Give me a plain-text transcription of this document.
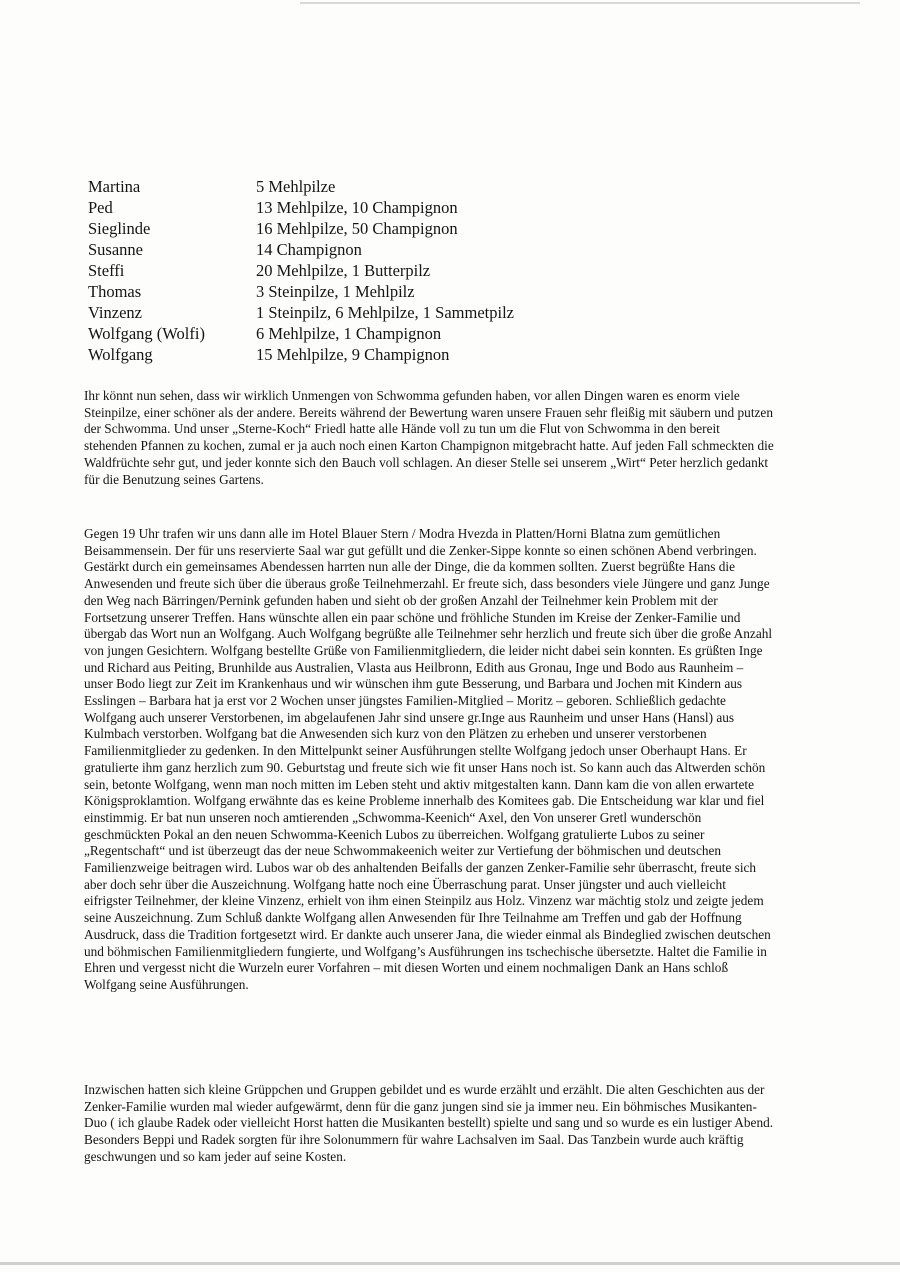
Martina	5 Mehlpilze
Ped	13 Mehlpilze, 10 Champignon
Sieglinde	16 Mehlpilze, 50 Champignon
Susanne	14 Champignon
Steffi	20 Mehlpilze, 1 Butterpilz
Thomas	3 Steinpilze, 1 Mehlpilz
Vinzenz	1 Steinpilz, 6 Mehlpilze, 1 Sammetpilz
Wolfgang (Wolfi)	6 Mehlpilze, 1 Champignon
Wolfgang	15 Mehlpilze, 9 Champignon

Ihr könnt nun sehen, dass wir wirklich Unmengen von Schwomma gefunden haben, vor allen Dingen waren es enorm viele Steinpilze, einer schöner als der andere. Bereits während der Bewertung waren unsere Frauen sehr fleißig mit säubern und putzen der Schwomma. Und unser „Sterne-Koch“ Friedl hatte alle Hände voll zu tun um die Flut von Schwomma in den bereit stehenden Pfannen zu kochen, zumal er ja auch noch einen Karton Champignon mitgebracht hatte. Auf jeden Fall schmeckten die Waldfrüchte sehr gut, und jeder konnte sich den Bauch voll schlagen. An dieser Stelle sei unserem „Wirt“ Peter herzlich gedankt für die Benutzung seines Gartens.

Gegen 19 Uhr trafen wir uns dann alle im Hotel Blauer Stern / Modra Hvezda in Platten/Horni Blatna zum gemütlichen Beisammensein. Der für uns reservierte Saal war gut gefüllt und die Zenker-Sippe konnte so einen schönen Abend verbringen. Gestärkt durch ein gemeinsames Abendessen harrten nun alle der Dinge, die da kommen sollten. Zuerst begrüßte Hans die Anwesenden und freute sich über die überaus große Teilnehmerzahl. Er freute sich, dass besonders viele Jüngere und ganz Junge den Weg nach Bärringen/Pernink gefunden haben und sieht ob der großen Anzahl der Teilnehmer kein Problem mit der Fortsetzung unserer Treffen. Hans wünschte allen ein paar schöne und fröhliche Stunden im Kreise der Zenker-Familie und übergab das Wort nun an Wolfgang. Auch Wolfgang begrüßte alle Teilnehmer sehr herzlich und freute sich über die große Anzahl von jungen Gesichtern. Wolfgang bestellte Grüße von Familienmitgliedern, die leider nicht dabei sein konnten. Es grüßten Inge und Richard aus Peiting, Brunhilde aus Australien, Vlasta aus Heilbronn, Edith aus Gronau, Inge und Bodo aus Raunheim – unser Bodo liegt zur Zeit im Krankenhaus und wir wünschen ihm gute Besserung, und Barbara und Jochen mit Kindern aus Esslingen – Barbara hat ja erst vor 2 Wochen unser jüngstes Familien-Mitglied – Moritz – geboren. Schließlich gedachte Wolfgang auch unserer Verstorbenen, im abgelaufenen Jahr sind unsere gr.Inge aus Raunheim und unser Hans (Hansl) aus Kulmbach verstorben. Wolfgang bat die Anwesenden sich kurz von den Plätzen zu erheben und unserer verstorbenen Familienmitglieder zu gedenken. In den Mittelpunkt seiner Ausführungen stellte Wolfgang jedoch unser Oberhaupt Hans. Er gratulierte ihm ganz herzlich zum 90. Geburtstag und freute sich wie fit unser Hans noch ist. So kann auch das Altwerden schön sein, betonte Wolfgang, wenn man noch mitten im Leben steht und aktiv mitgestalten kann. Dann kam die von allen erwartete Königsproklamtion. Wolfgang erwähnte das es keine Probleme innerhalb des Komitees gab. Die Entscheidung war klar und fiel einstimmig. Er bat nun unseren noch amtierenden „Schwomma-Keenich“ Axel, den Von unserer Gretl wunderschön geschmückten Pokal an den neuen Schwomma-Keenich Lubos zu überreichen. Wolfgang gratulierte Lubos zu seiner „Regentschaft“ und ist überzeugt das der neue Schwommakeenich weiter zur Vertiefung der böhmischen und deutschen Familienzweige beitragen wird. Lubos war ob des anhaltenden Beifalls der ganzen Zenker-Familie sehr überrascht, freute sich aber doch sehr über die Auszeichnung. Wolfgang hatte noch eine Überraschung parat. Unser jüngster und auch vielleicht eifrigster Teilnehmer, der kleine Vinzenz, erhielt von ihm einen Steinpilz aus Holz. Vinzenz war mächtig stolz und zeigte jedem seine Auszeichnung. Zum Schluß dankte Wolfgang allen Anwesenden für Ihre Teilnahme am Treffen und gab der Hoffnung Ausdruck, dass die Tradition fortgesetzt wird. Er dankte auch unserer Jana, die wieder einmal als Bindeglied zwischen deutschen und böhmischen Familienmitgliedern fungierte, und Wolfgang’s Ausführungen ins tschechische übersetzte. Haltet die Familie in Ehren und vergesst nicht die Wurzeln eurer Vorfahren – mit diesen Worten und einem nochmaligen Dank an Hans schloß Wolfgang seine Ausführungen.

Inzwischen hatten sich kleine Grüppchen und Gruppen gebildet und es wurde erzählt und erzählt. Die alten Geschichten aus der Zenker-Familie wurden mal wieder aufgewärmt, denn für die ganz jungen sind sie ja immer neu. Ein böhmisches Musikanten-Duo ( ich glaube Radek oder vielleicht Horst hatten die Musikanten bestellt) spielte und sang und so wurde es ein lustiger Abend. Besonders Beppi und Radek sorgten für ihre Solonummern für wahre Lachsalven im Saal. Das Tanzbein wurde auch kräftig geschwungen und so kam jeder auf seine Kosten.
